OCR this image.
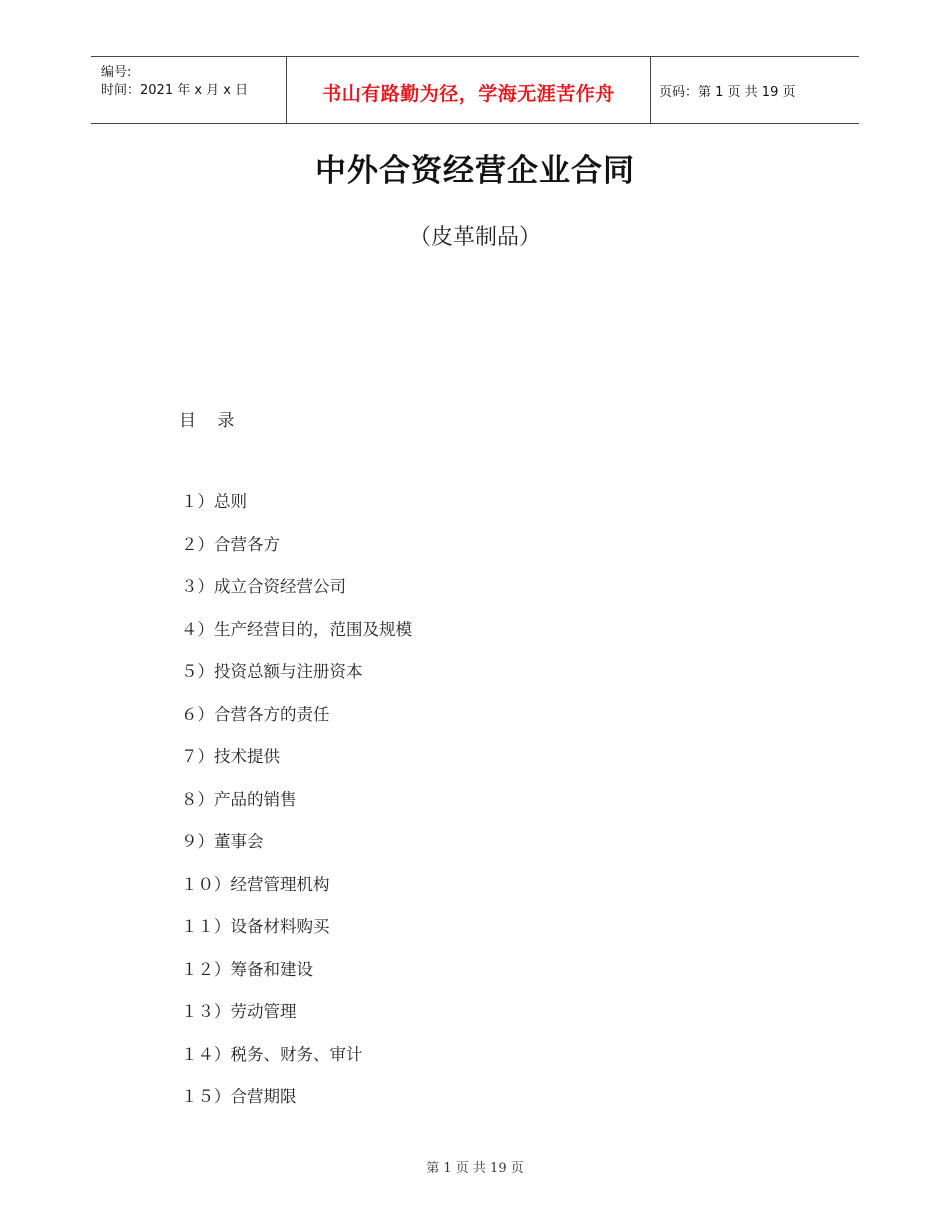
编号:
时间：2021 年 x 月 x 日	书山有路勤为径，学海无涯苦作舟	页码：第 1 页 共 19 页
中外合资经营企业合同
（皮革制品）
目 录
１）总则
２）合营各方
３）成立合资经营公司
４）生产经营目的，范围及规模
５）投资总额与注册资本
６）合营各方的责任
７）技术提供
８）产品的销售
９）董事会
１０）经营管理机构
１１）设备材料购买
１２）筹备和建设
１３）劳动管理
１４）税务、财务、审计
１５）合营期限
第 1 页 共 19 页
